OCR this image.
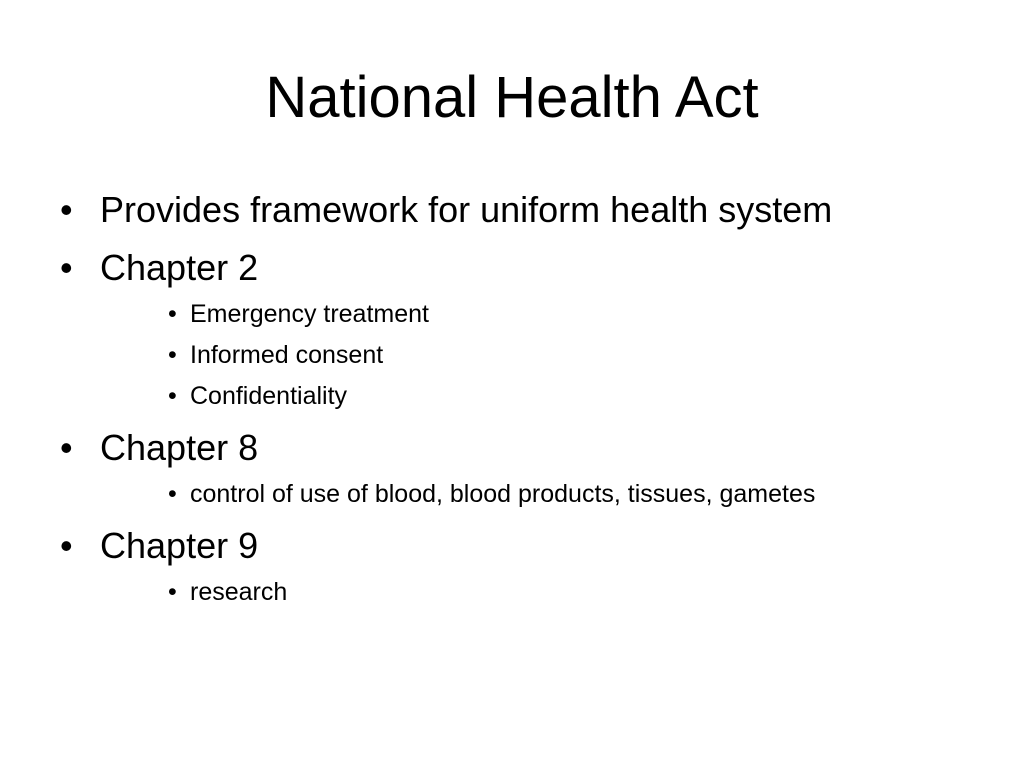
National Health Act
• Provides framework for uniform health system
• Chapter 2
• Emergency treatment
• Informed consent
• Confidentiality
• Chapter 8
• control of use of blood, blood products, tissues, gametes
• Chapter 9
• research
